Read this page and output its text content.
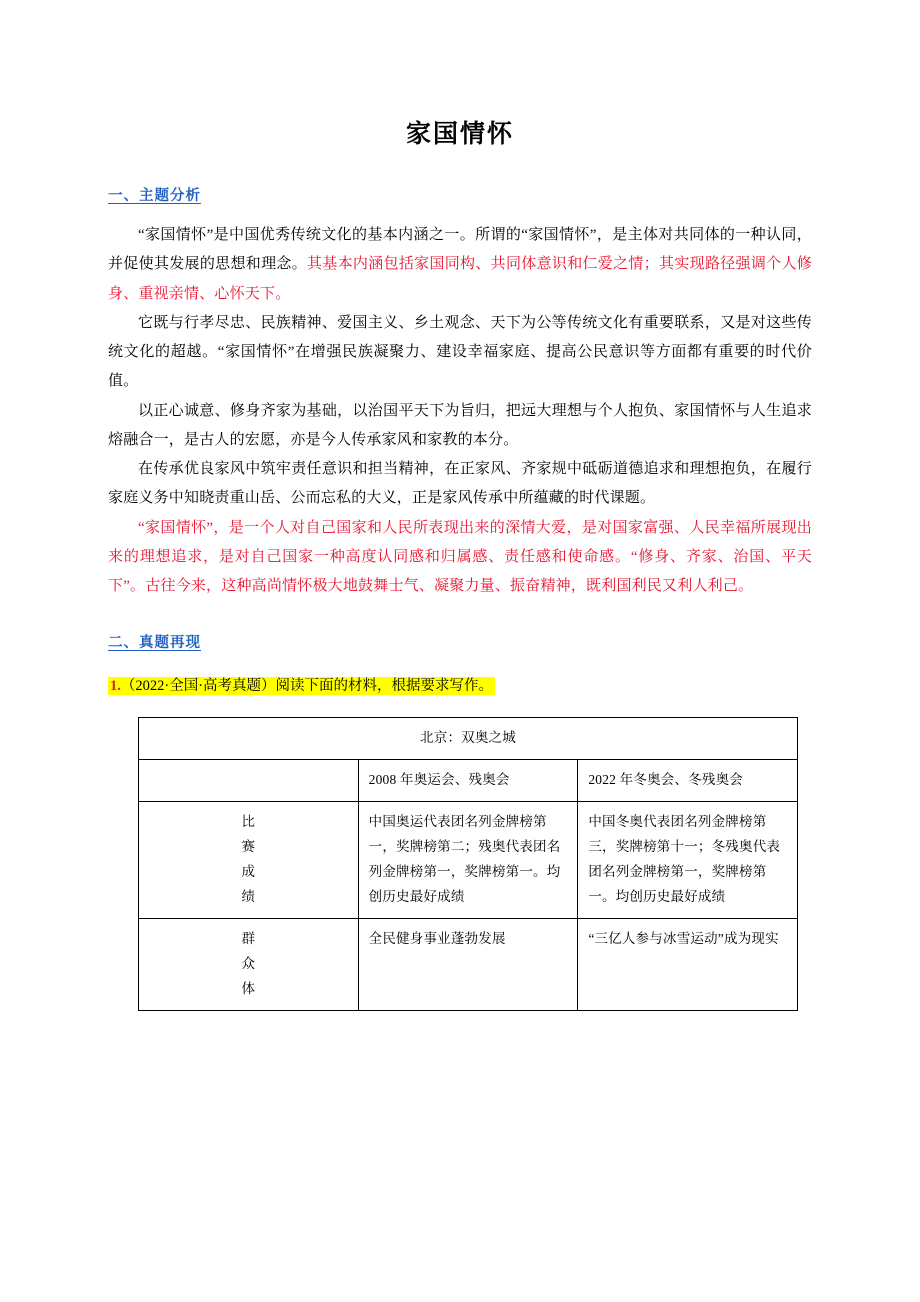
家国情怀
一、主题分析

“家国情怀”是中国优秀传统文化的基本内涵之一。所谓的“家国情怀”，是主体对共同体的一种认同，并促使其发展的思想和理念。其基本内涵包括家国同构、共同体意识和仁爱之情；其实现路径强调个人修身、重视亲情、心怀天下。

它既与行孝尽忠、民族精神、爱国主义、乡土观念、天下为公等传统文化有重要联系，又是对这些传统文化的超越。“家国情怀”在增强民族凝聚力、建设幸福家庭、提高公民意识等方面都有重要的时代价值。

以正心诚意、修身齐家为基础，以治国平天下为旨归，把远大理想与个人抱负、家国情怀与人生追求熔融合一，是古人的宏愿，亦是今人传承家风和家教的本分。

在传承优良家风中筑牢责任意识和担当精神，在正家风、齐家规中砥砺道德追求和理想抱负，在履行家庭义务中知晓责重山岳、公而忘私的大义，正是家风传承中所蕴藏的时代课题。

“家国情怀”，是一个人对自己国家和人民所表现出来的深情大爱，是对国家富强、人民幸福所展现出来的理想追求，是对自己国家一种高度认同感和归属感、责任感和使命感。“修身、齐家、治国、平天下”。古往今来，这种高尚情怀极大地鼓舞士气、凝聚力量、振奋精神，既利国利民又利人利己。

二、真题再现
1.（2022·全国·高考真题）阅读下面的材料，根据要求写作。
北京：双奥之城		
	2008 年奥运会、残奥会	2022 年冬奥会、冬残奥会

比赛成绩	中国奥运代表团名列金牌榜第一，奖牌榜第二；残奥代表团名列金牌榜第一，奖牌榜第一。均创历史最好成绩	中国冬奥代表团名列金牌榜第三，奖牌榜第十一；冬残奥代表团名列金牌榜第一，奖牌榜第一。均创历史最好成绩

群众体	全民健身事业蓬勃发展	“三亿人参与冰雪运动”成为现实
